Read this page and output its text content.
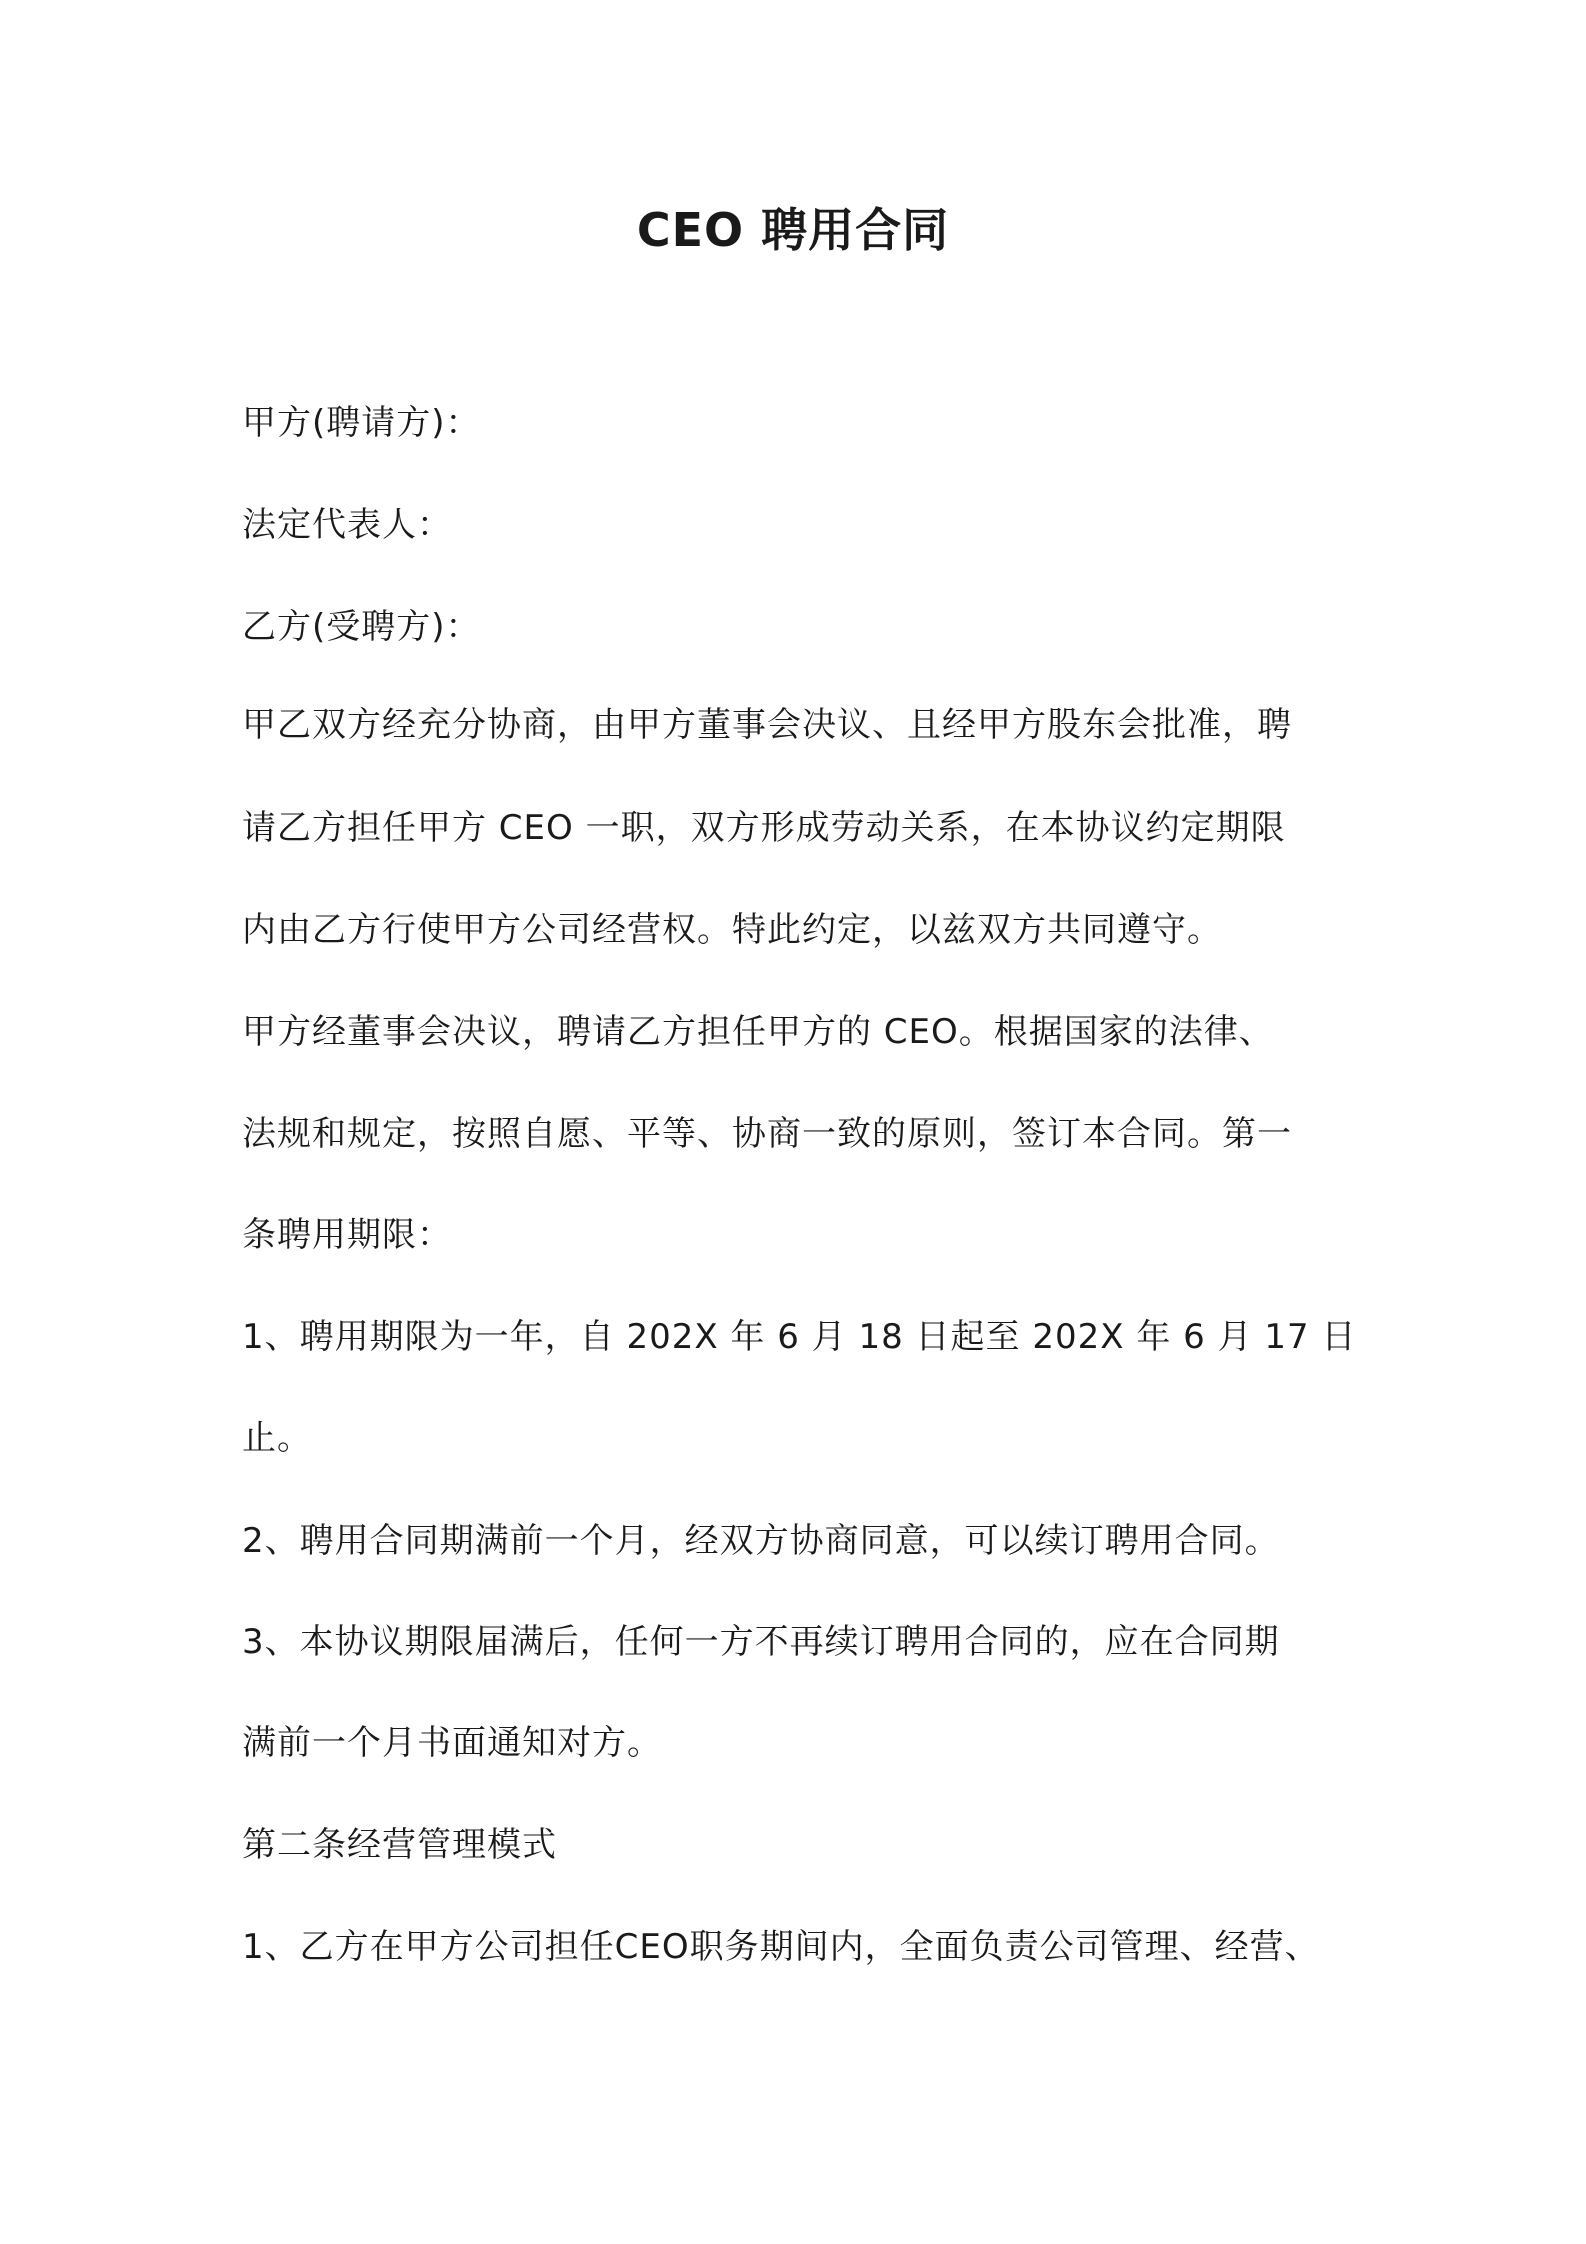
CEO 聘用合同
甲方(聘请方)：
法定代表人：
乙方(受聘方)：
甲乙双方经充分协商，由甲方董事会决议、且经甲方股东会批准，聘
请乙方担任甲方 CEO 一职，双方形成劳动关系，在本协议约定期限
内由乙方行使甲方公司经营权。特此约定，以兹双方共同遵守。
甲方经董事会决议，聘请乙方担任甲方的 CEO。根据国家的法律、
法规和规定，按照自愿、平等、协商一致的原则，签订本合同。第一
条聘用期限：
1、聘用期限为一年，自 202X 年 6 月 18 日起至 202X 年 6 月 17 日
止。
2、聘用合同期满前一个月，经双方协商同意，可以续订聘用合同。
3、本协议期限届满后，任何一方不再续订聘用合同的，应在合同期
满前一个月书面通知对方。
第二条经营管理模式
1、乙方在甲方公司担任CEO职务期间内，全面负责公司管理、经营、
